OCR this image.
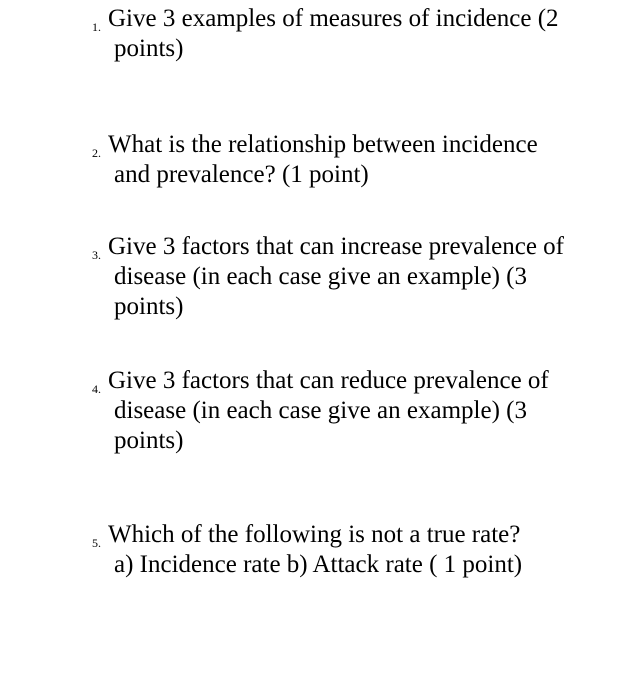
1. Give 3 examples of measures of incidence (2
points)
2. What is the relationship between incidence
and prevalence? (1 point)
3. Give 3 factors that can increase prevalence of
disease (in each case give an example) (3
points)
4. Give 3 factors that can reduce prevalence of
disease (in each case give an example) (3
points)
5. Which of the following is not a true rate?
a) Incidence rate b) Attack rate ( 1 point)
